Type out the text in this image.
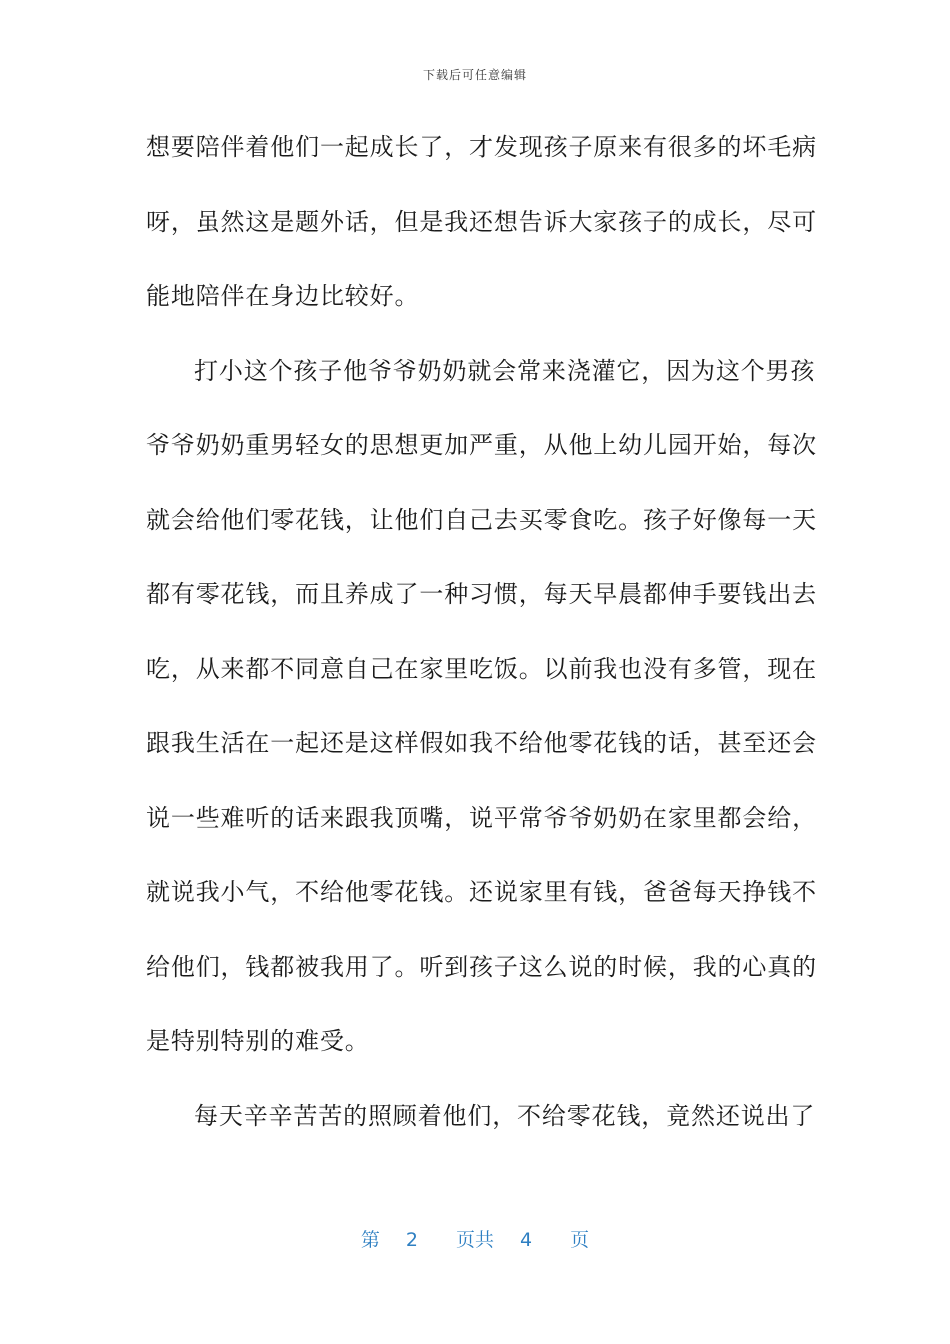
下载后可任意编辑
想要陪伴着他们一起成长了，才发现孩子原来有很多的坏毛病
呀，虽然这是题外话，但是我还想告诉大家孩子的成长，尽可
能地陪伴在身边比较好。
打小这个孩子他爷爷奶奶就会常来浇灌它，因为这个男孩
爷爷奶奶重男轻女的思想更加严重，从他上幼儿园开始，每次
就会给他们零花钱，让他们自己去买零食吃。孩子好像每一天
都有零花钱，而且养成了一种习惯，每天早晨都伸手要钱出去
吃，从来都不同意自己在家里吃饭。以前我也没有多管，现在
跟我生活在一起还是这样假如我不给他零花钱的话，甚至还会
说一些难听的话来跟我顶嘴，说平常爷爷奶奶在家里都会给，
就说我小气，不给他零花钱。还说家里有钱，爸爸每天挣钱不
给他们，钱都被我用了。听到孩子这么说的时候，我的心真的
是特别特别的难受。
每天辛辛苦苦的照顾着他们，不给零花钱，竟然还说出了
第 2 页共 4 页
